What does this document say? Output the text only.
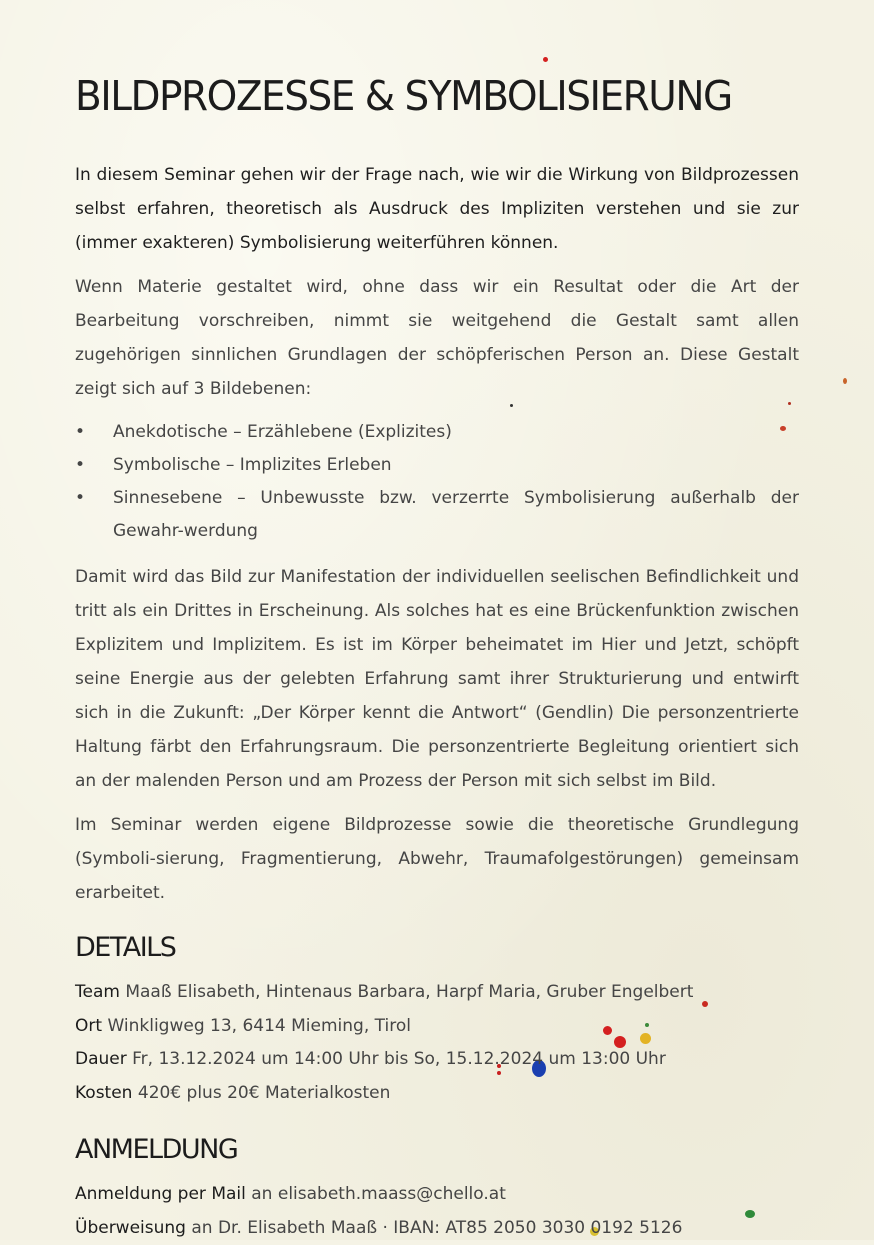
BILDPROZESSE & SYMBOLISIERUNG

In diesem Seminar gehen wir der Frage nach, wie wir die Wirkung von Bildprozessen selbst erfahren, theoretisch als Ausdruck des Impliziten verstehen und sie zur (immer exakteren) Symbolisierung weiterführen können.

Wenn Materie gestaltet wird, ohne dass wir ein Resultat oder die Art der Bearbeitung vorschreiben, nimmt sie weitgehend die Gestalt samt allen zugehörigen sinnlichen Grundlagen der schöpferischen Person an. Diese Gestalt zeigt sich auf 3 Bildebenen:

• Anekdotische – Erzählebene (Explizites)
• Symbolische – Implizites Erleben
• Sinnesebene – Unbewusste bzw. verzerrte Symbolisierung außerhalb der Gewahr-werdung

Damit wird das Bild zur Manifestation der individuellen seelischen Befindlichkeit und tritt als ein Drittes in Erscheinung. Als solches hat es eine Brückenfunktion zwischen Explizitem und Implizitem. Es ist im Körper beheimatet im Hier und Jetzt, schöpft seine Energie aus der gelebten Erfahrung samt ihrer Strukturierung und entwirft sich in die Zukunft: „Der Körper kennt die Antwort“ (Gendlin) Die personzentrierte Haltung färbt den Erfahrungsraum. Die personzentrierte Begleitung orientiert sich an der malenden Person und am Prozess der Person mit sich selbst im Bild.

Im Seminar werden eigene Bildprozesse sowie die theoretische Grundlegung (Symboli-sierung, Fragmentierung, Abwehr, Traumafolgestörungen) gemeinsam erarbeitet.

DETAILS
Team Maaß Elisabeth, Hintenaus Barbara, Harpf Maria, Gruber Engelbert
Ort Winkligweg 13, 6414 Mieming, Tirol
Dauer Fr, 13.12.2024 um 14:00 Uhr bis So, 15.12.2024 um 13:00 Uhr
Kosten 420€ plus 20€ Materialkosten
ANMELDUNG
Anmeldung per Mail an elisabeth.maass@chello.at
Überweisung an Dr. Elisabeth Maaß · IBAN: AT85 2050 3030 0192 5126
